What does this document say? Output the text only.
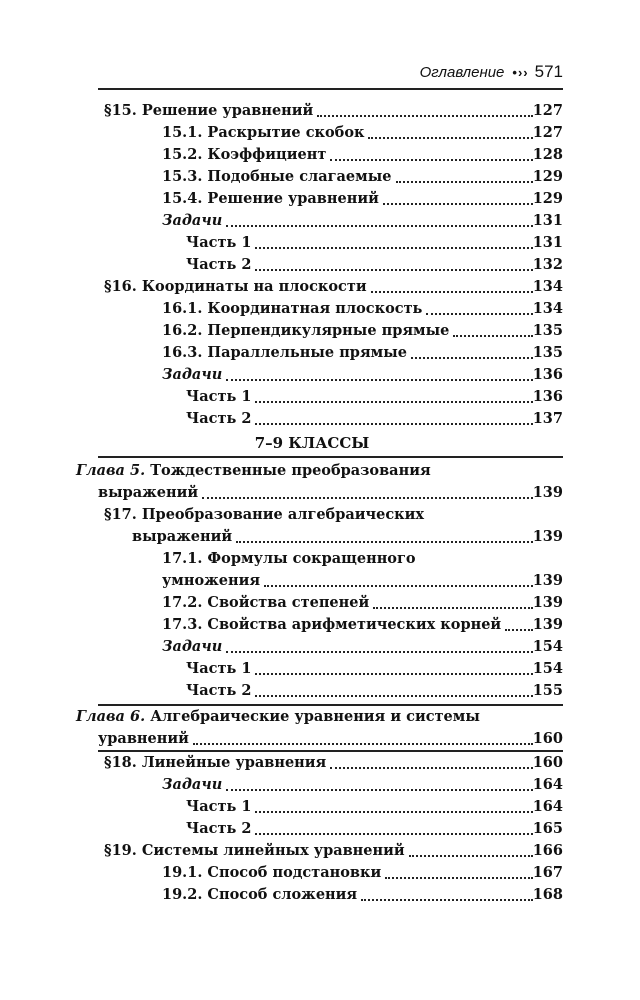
Оглавление •›› 571
§15. Решение уравнений	127
15.1. Раскрытие скобок	127
15.2. Коэффициент	128
15.3. Подобные слагаемые	129
15.4. Решение уравнений	129
Задачи	131
Часть 1	131
Часть 2	132
§16. Координаты на плоскости	134
16.1. Координатная плоскость	134
16.2. Перпендикулярные прямые	135
16.3. Параллельные прямые	135
Задачи	136
Часть 1	136
Часть 2	137
7–9 КЛАССЫ
Глава 5. Тождественные преобразования
выражений	139
§17. Преобразование алгебраических
выражений	139
17.1. Формулы сокращенного
умножения	139
17.2. Свойства степеней	139
17.3. Свойства арифметических корней 139
Задачи	154
Часть 1	154
Часть 2	155
Глава 6. Алгебраические уравнения и системы
уравнений	160
§18. Линейные уравнения	160
Задачи	164
Часть 1	164
Часть 2	165
§19. Системы линейных уравнений	166
19.1. Способ подстановки	167
19.2. Способ сложения	168
